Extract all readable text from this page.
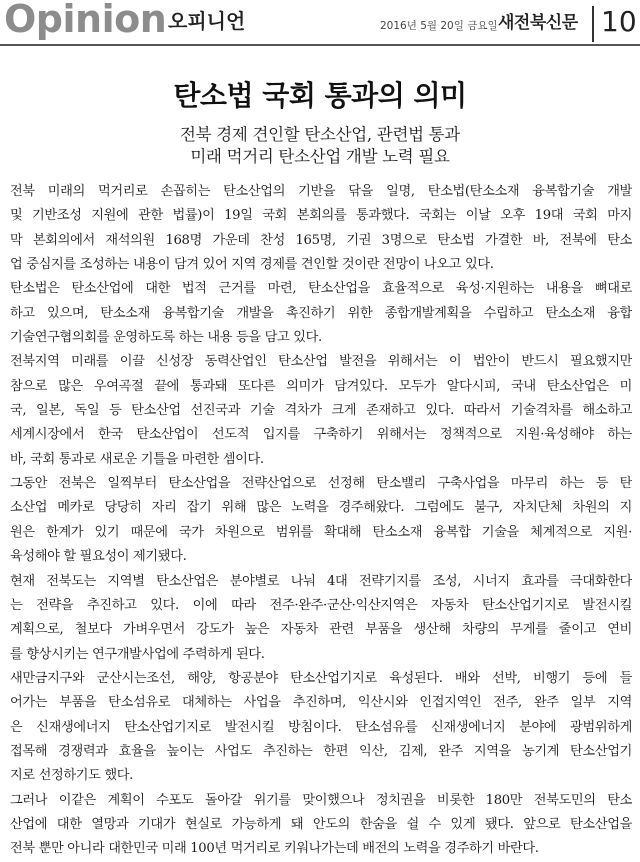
Opinion 오피니언	2016년 5월 20일 금요일 새전북신문 10
탄소법 국회 통과의 의미
전북 경제 견인할 탄소산업, 관련법 통과
미래 먹거리 탄소산업 개발 노력 필요
전북 미래의 먹거리로 손꼽히는 탄소산업의 기반을 닦을 일명, 탄소법(탄소소재 융복합기술 개발
및 기반조성 지원에 관한 법률)이 19일 국회 본회의를 통과했다. 국회는 이날 오후 19대 국회 마지
막 본회의에서 재석의원 168명 가운데 찬성 165명, 기권 3명으로 탄소법 가결한 바, 전북에 탄소
업 중심지를 조성하는 내용이 담겨 있어 지역 경제를 견인할 것이란 전망이 나오고 있다.
탄소법은 탄소산업에 대한 법적 근거를 마련, 탄소산업을 효율적으로 육성·지원하는 내용을 뼈대로
하고 있으며, 탄소소재 융복합기술 개발을 촉진하기 위한 종합개발계획을 수립하고 탄소소재 융합
기술연구협의회를 운영하도록 하는 내용 등을 담고 있다.
전북지역 미래를 이끌 신성장 동력산업인 탄소산업 발전을 위해서는 이 법안이 반드시 필요했지만
참으로 많은 우여곡절 끝에 통과돼 또다른 의미가 담겨있다. 모두가 알다시피, 국내 탄소산업은 미
국, 일본, 독일 등 탄소산업 선진국과 기술 격차가 크게 존재하고 있다. 따라서 기술격차를 해소하고
세계시장에서 한국 탄소산업이 선도적 입지를 구축하기 위해서는 정책적으로 지원·육성해야 하는
바, 국회 통과로 새로운 기틀을 마련한 셈이다.
그동안 전북은 일찍부터 탄소산업을 전략산업으로 선정해 탄소밸리 구축사업을 마무리 하는 등 탄
소산업 메카로 당당히 자리 잡기 위해 많은 노력을 경주해왔다. 그럼에도 불구, 자치단체 차원의 지
원은 한계가 있기 때문에 국가 차원으로 범위를 확대해 탄소소재 융복합 기술을 체계적으로 지원·
육성해야 할 필요성이 제기됐다.
현재 전북도는 지역별 탄소산업은 분야별로 나눠 4대 전략기지를 조성, 시너지 효과를 극대화한다
는 전략을 추진하고 있다. 이에 따라 전주·완주·군산·익산지역은 자동차 탄소산업기지로 발전시킬
계획으로, 철보다 가벼우면서 강도가 높은 자동차 관련 부품을 생산해 차량의 무게를 줄이고 연비
를 향상시키는 연구개발사업에 주력하게 된다.
새만금지구와 군산시는조선, 해양, 항공분야 탄소산업기지로 육성된다. 배와 선박, 비행기 등에 들
어가는 부품을 탄소섬유로 대체하는 사업을 추진하며, 익산시와 인접지역인 전주, 완주 일부 지역
은 신재생에너지 탄소산업기지로 발전시킬 방침이다. 탄소섬유를 신재생에너지 분야에 광범위하게
접목해 경쟁력과 효율을 높이는 사업도 추진하는 한편 익산, 김제, 완주 지역을 농기계 탄소산업기
지로 선정하기도 했다.
그러나 이같은 계획이 수포도 돌아갈 위기를 맞이했으나 정치권을 비롯한 180만 전북도민의 탄소
산업에 대한 열망과 기대가 현실로 가능하게 돼 안도의 한숨을 쉴 수 있게 됐다. 앞으로 탄소산업을
전북 뿐만 아니라 대한민국 미래 100년 먹거리로 키워나가는데 배전의 노력을 경주하기 바란다.
